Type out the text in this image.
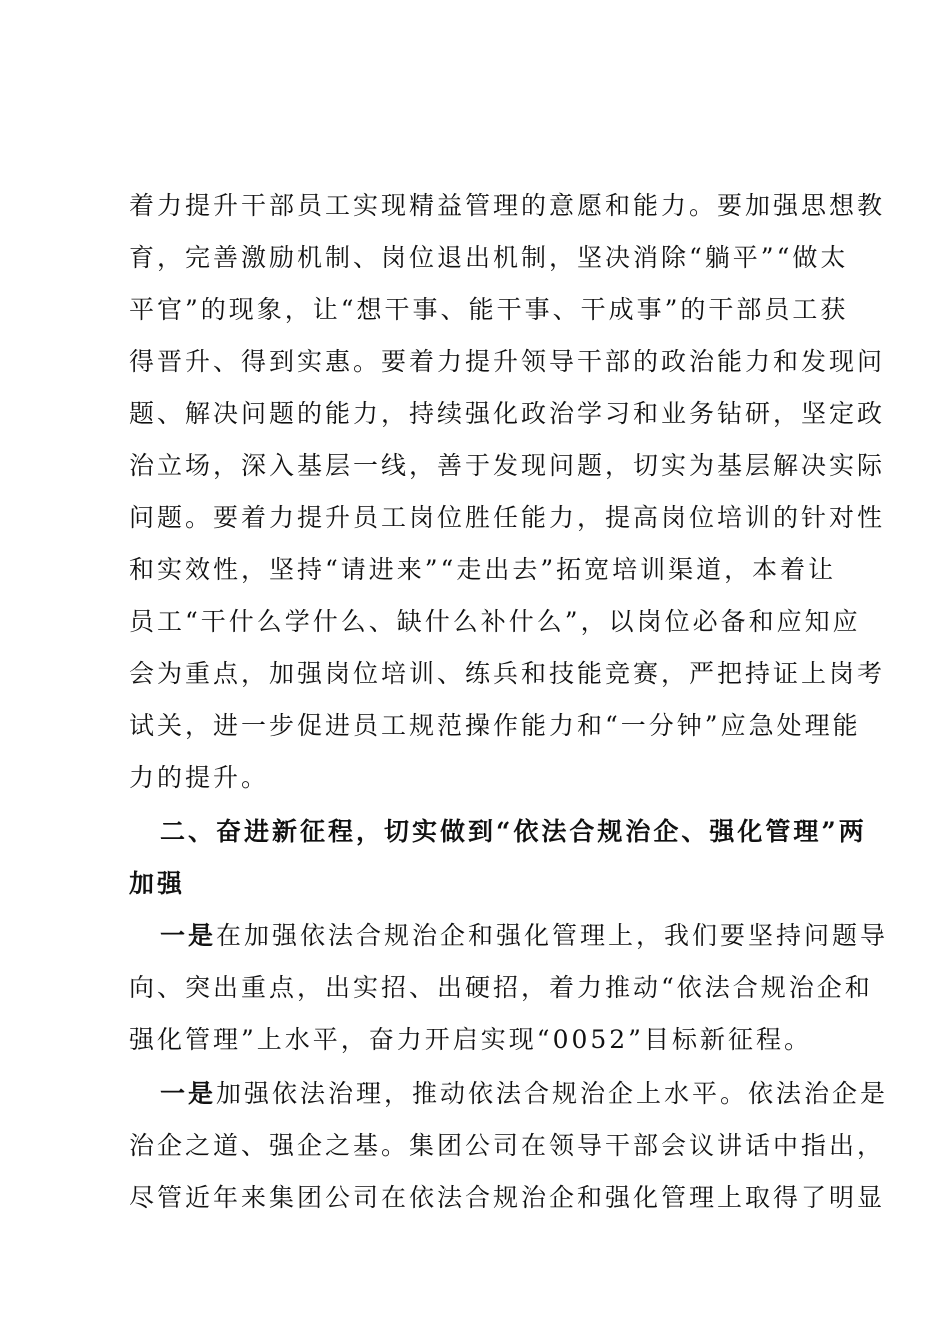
着力提升干部员工实现精益管理的意愿和能力。要加强思想教
育，完善激励机制、岗位退出机制，坚决消除“躺平”“做太
平官”的现象，让“想干事、能干事、干成事”的干部员工获
得晋升、得到实惠。要着力提升领导干部的政治能力和发现问
题、解决问题的能力，持续强化政治学习和业务钻研，坚定政
治立场，深入基层一线，善于发现问题，切实为基层解决实际
问题。要着力提升员工岗位胜任能力，提高岗位培训的针对性
和实效性，坚持“请进来”“走出去”拓宽培训渠道，本着让
员工“干什么学什么、缺什么补什么”，以岗位必备和应知应
会为重点，加强岗位培训、练兵和技能竞赛，严把持证上岗考
试关，进一步促进员工规范操作能力和“一分钟”应急处理能
力的提升。
二、奋进新征程，切实做到“依法合规治企、强化管理”两
加强
一是在加强依法合规治企和强化管理上，我们要坚持问题导
向、突出重点，出实招、出硬招，着力推动“依法合规治企和
强化管理”上水平，奋力开启实现“0052”目标新征程。
一是加强依法治理，推动依法合规治企上水平。依法治企是
治企之道、强企之基。集团公司在领导干部会议讲话中指出，
尽管近年来集团公司在依法合规治企和强化管理上取得了明显
